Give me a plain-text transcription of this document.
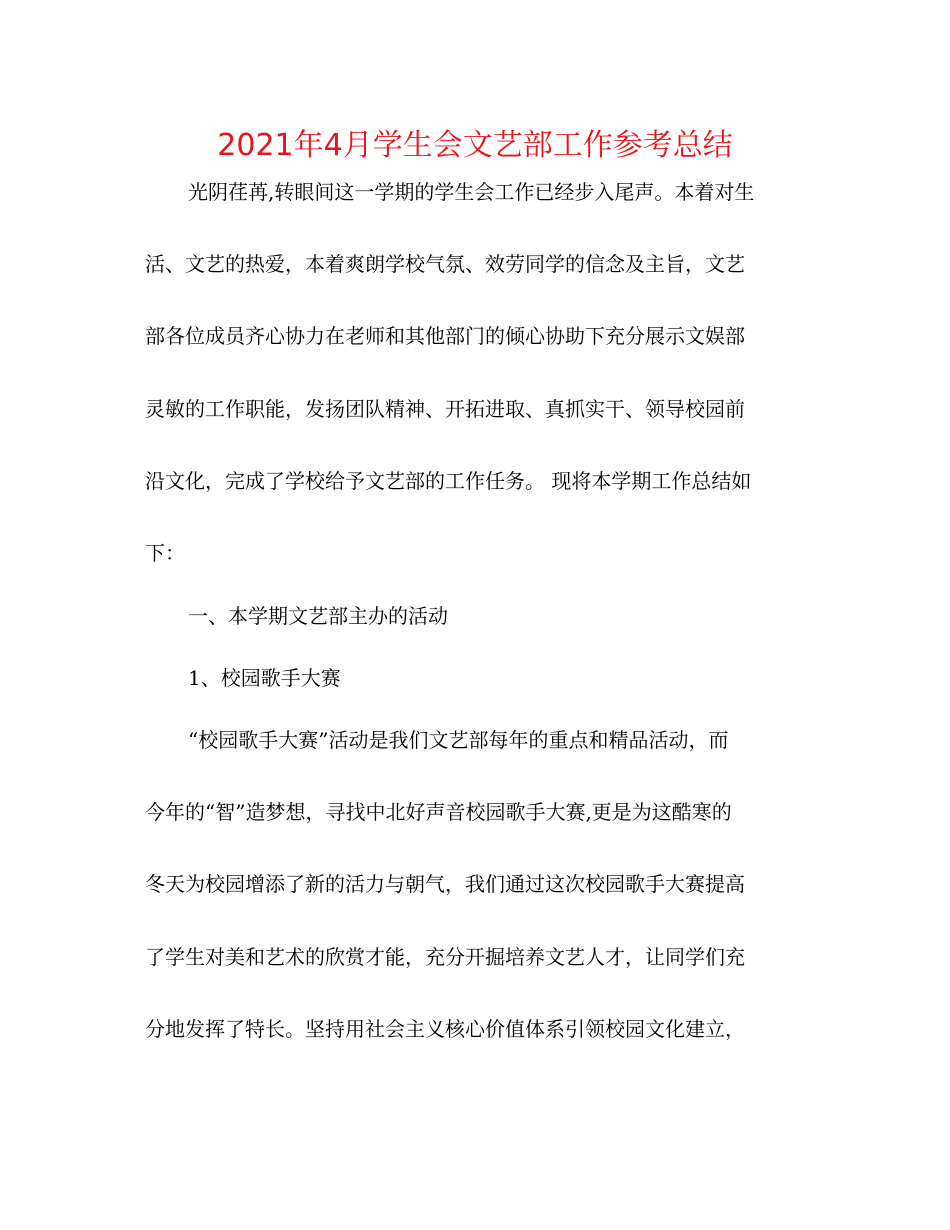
2021年4月学生会文艺部工作参考总结
光阴荏苒,转眼间这一学期的学生会工作已经步入尾声。本着对生
活、文艺的热爱，本着爽朗学校气氛、效劳同学的信念及主旨，文艺
部各位成员齐心协力在老师和其他部门的倾心协助下充分展示文娱部
灵敏的工作职能，发扬团队精神、开拓进取、真抓实干、领导校园前
沿文化，完成了学校给予文艺部的工作任务。 现将本学期工作总结如
下：
一、本学期文艺部主办的活动
1、校园歌手大赛
“校园歌手大赛”活动是我们文艺部每年的重点和精品活动，而
今年的“智”造梦想，寻找中北好声音校园歌手大赛,更是为这酷寒的
冬天为校园增添了新的活力与朝气，我们通过这次校园歌手大赛提高
了学生对美和艺术的欣赏才能，充分开掘培养文艺人才，让同学们充
分地发挥了特长。坚持用社会主义核心价值体系引领校园文化建立，
